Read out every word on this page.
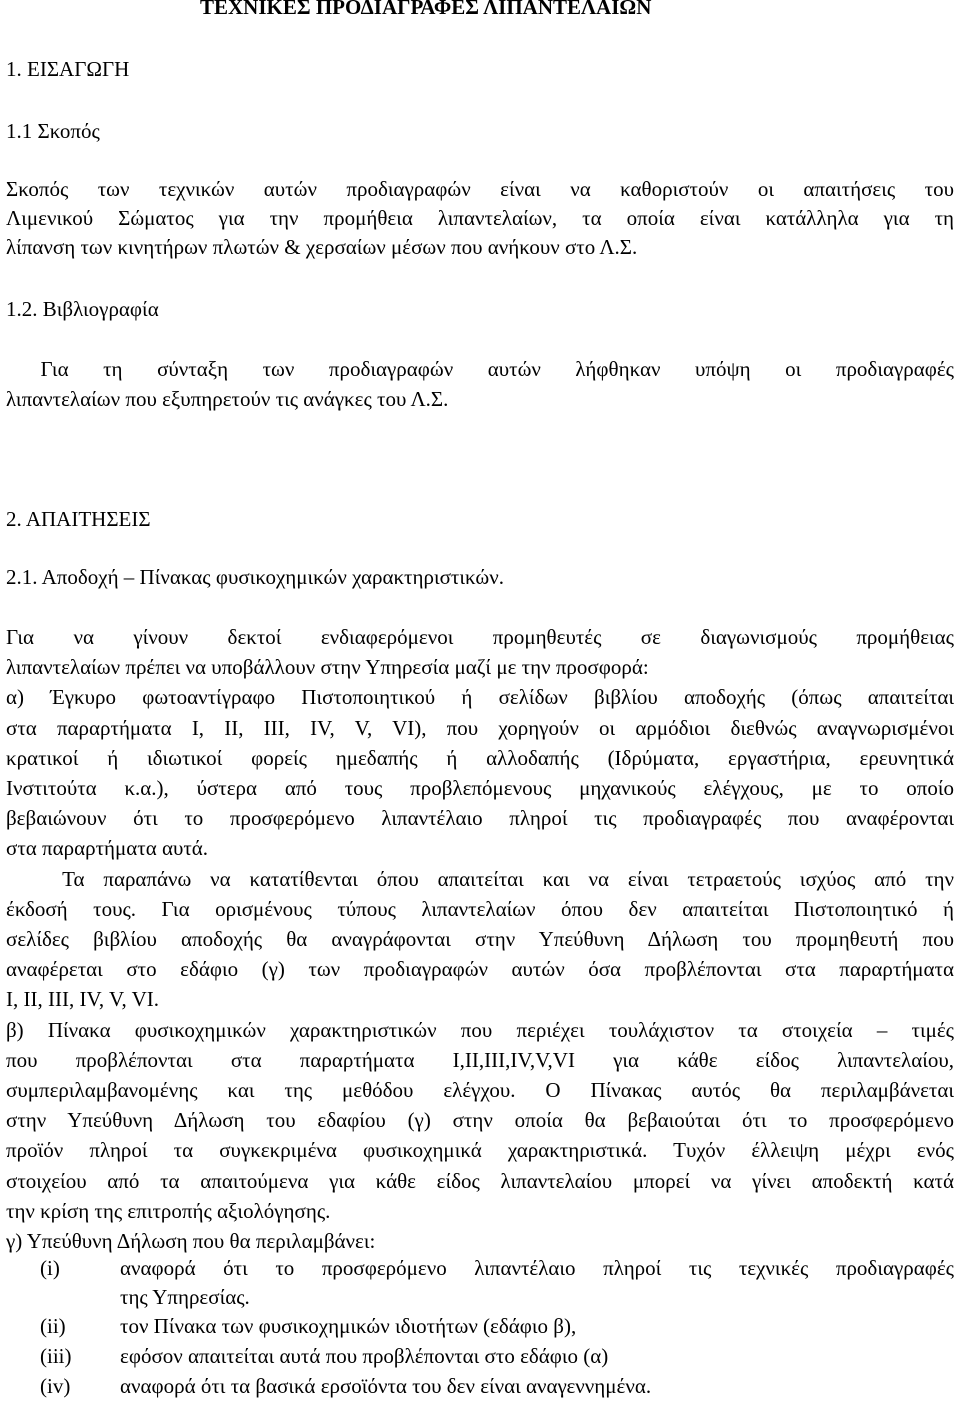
ΤΕΧΝΙΚΕΣ ΠΡΟΔΙΑΓΡΑΦΕΣ ΛΙΠΑΝΤΕΛΑΙΩΝ
1. ΕΙΣΑΓΩΓΗ
1.1 Σκοπός
Σκοπός των τεχνικών αυτών προδιαγραφών είναι να καθοριστούν οι απαιτήσεις του
Λιμενικού Σώματος για την προμήθεια λιπαντελαίων, τα οποία είναι κατάλληλα για τη
λίπανση των κινητήρων πλωτών & χερσαίων μέσων που ανήκουν στο Λ.Σ.
1.2. Βιβλιογραφία
Για τη σύνταξη των προδιαγραφών αυτών λήφθηκαν υπόψη οι προδιαγραφές
λιπαντελαίων που εξυπηρετούν τις ανάγκες του Λ.Σ.
2. ΑΠΑΙΤΗΣΕΙΣ
2.1. Αποδοχή – Πίνακας φυσικοχημικών χαρακτηριστικών.
Για να γίνουν δεκτοί ενδιαφερόμενοι προμηθευτές σε διαγωνισμούς προμήθειας
λιπαντελαίων πρέπει να υποβάλλουν στην Υπηρεσία μαζί με την προσφορά:
α) Έγκυρο φωτοαντίγραφο Πιστοποιητικού ή σελίδων βιβλίου αποδοχής (όπως απαιτείται
στα παραρτήματα Ι, ΙΙ, ΙΙΙ, ΙV, V, VI), που χορηγούν οι αρμόδιοι διεθνώς αναγνωρισμένοι
κρατικοί ή ιδιωτικοί φορείς ημεδαπής ή αλλοδαπής (Ιδρύματα, εργαστήρια, ερευνητικά
Ινστιτούτα κ.α.), ύστερα από τους προβλεπόμενους μηχανικούς ελέγχους, με το οποίο
βεβαιώνουν ότι το προσφερόμενο λιπαντέλαιο πληροί τις προδιαγραφές που αναφέρονται
στα παραρτήματα αυτά.
Τα παραπάνω να κατατίθενται όπου απαιτείται και να είναι τετραετούς ισχύος από την
έκδοσή τους. Για ορισμένους τύπους λιπαντελαίων όπου δεν απαιτείται Πιστοποιητικό ή
σελίδες βιβλίου αποδοχής θα αναγράφονται στην Υπεύθυνη Δήλωση του προμηθευτή που
αναφέρεται στο εδάφιο (γ) των προδιαγραφών αυτών όσα προβλέπονται στα παραρτήματα
Ι, ΙΙ, ΙΙΙ, ΙV, V, VI.
β) Πίνακα φυσικοχημικών χαρακτηριστικών που περιέχει τουλάχιστον τα στοιχεία – τιμές
που προβλέπονται στα παραρτήματα Ι,ΙΙ,ΙΙΙ,ΙV,V,VI για κάθε είδος λιπαντελαίου,
συμπεριλαμβανομένης και της μεθόδου ελέγχου. Ο Πίνακας αυτός θα περιλαμβάνεται
στην Υπεύθυνη Δήλωση του εδαφίου (γ) στην οποία θα βεβαιούται ότι το προσφερόμενο
προϊόν πληροί τα συγκεκριμένα φυσικοχημικά χαρακτηριστικά. Τυχόν έλλειψη μέχρι ενός
στοιχείου από τα απαιτούμενα για κάθε είδος λιπαντελαίου μπορεί να γίνει αποδεκτή κατά
την κρίση της επιτροπής αξιολόγησης.
γ) Υπεύθυνη Δήλωση που θα περιλαμβάνει:
(i)	αναφορά ότι το προσφερόμενο λιπαντέλαιο πληροί τις τεχνικές προδιαγραφές
της Υπηρεσίας.
(ii)	τον Πίνακα των φυσικοχημικών ιδιοτήτων (εδάφιο β),
(iii) εφόσον απαιτείται αυτά που προβλέπονται στο εδάφιο (α)
(iv) αναφορά ότι τα βασικά ερσοϊόντα του δεν είναι αναγεννημένα.
